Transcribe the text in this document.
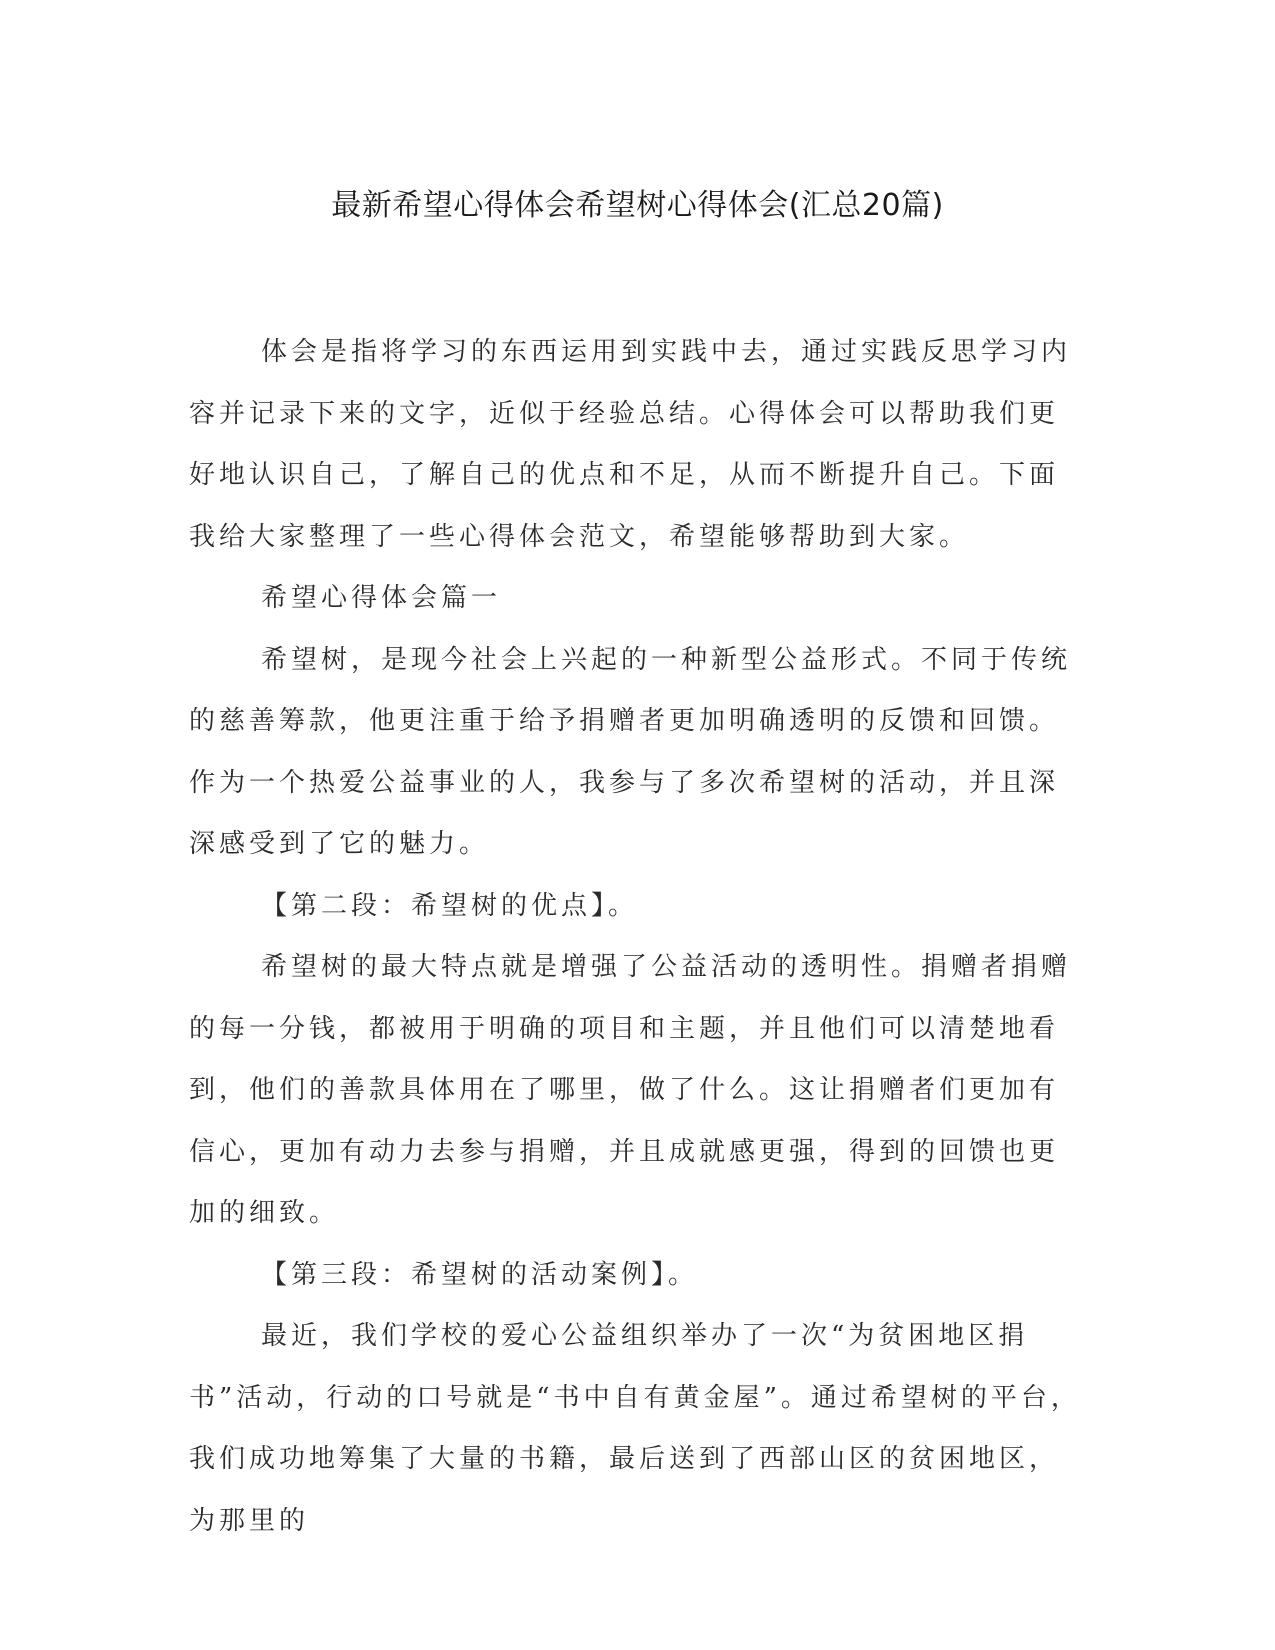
最新希望心得体会希望树心得体会(汇总20篇)

体会是指将学习的东西运用到实践中去，通过实践反思学习内容并记录下来的文字，近似于经验总结。心得体会可以帮助我们更好地认识自己，了解自己的优点和不足，从而不断提升自己。下面我给大家整理了一些心得体会范文，希望能够帮助到大家。

希望心得体会篇一

希望树，是现今社会上兴起的一种新型公益形式。不同于传统的慈善筹款，他更注重于给予捐赠者更加明确透明的反馈和回馈。作为一个热爱公益事业的人，我参与了多次希望树的活动，并且深深感受到了它的魅力。

【第二段：希望树的优点】。

希望树的最大特点就是增强了公益活动的透明性。捐赠者捐赠的每一分钱，都被用于明确的项目和主题，并且他们可以清楚地看到，他们的善款具体用在了哪里，做了什么。这让捐赠者们更加有信心，更加有动力去参与捐赠，并且成就感更强，得到的回馈也更加的细致。

【第三段：希望树的活动案例】。

最近，我们学校的爱心公益组织举办了一次“为贫困地区捐书”活动，行动的口号就是“书中自有黄金屋”。通过希望树的平台，我们成功地筹集了大量的书籍，最后送到了西部山区的贫困地区，为那里的
